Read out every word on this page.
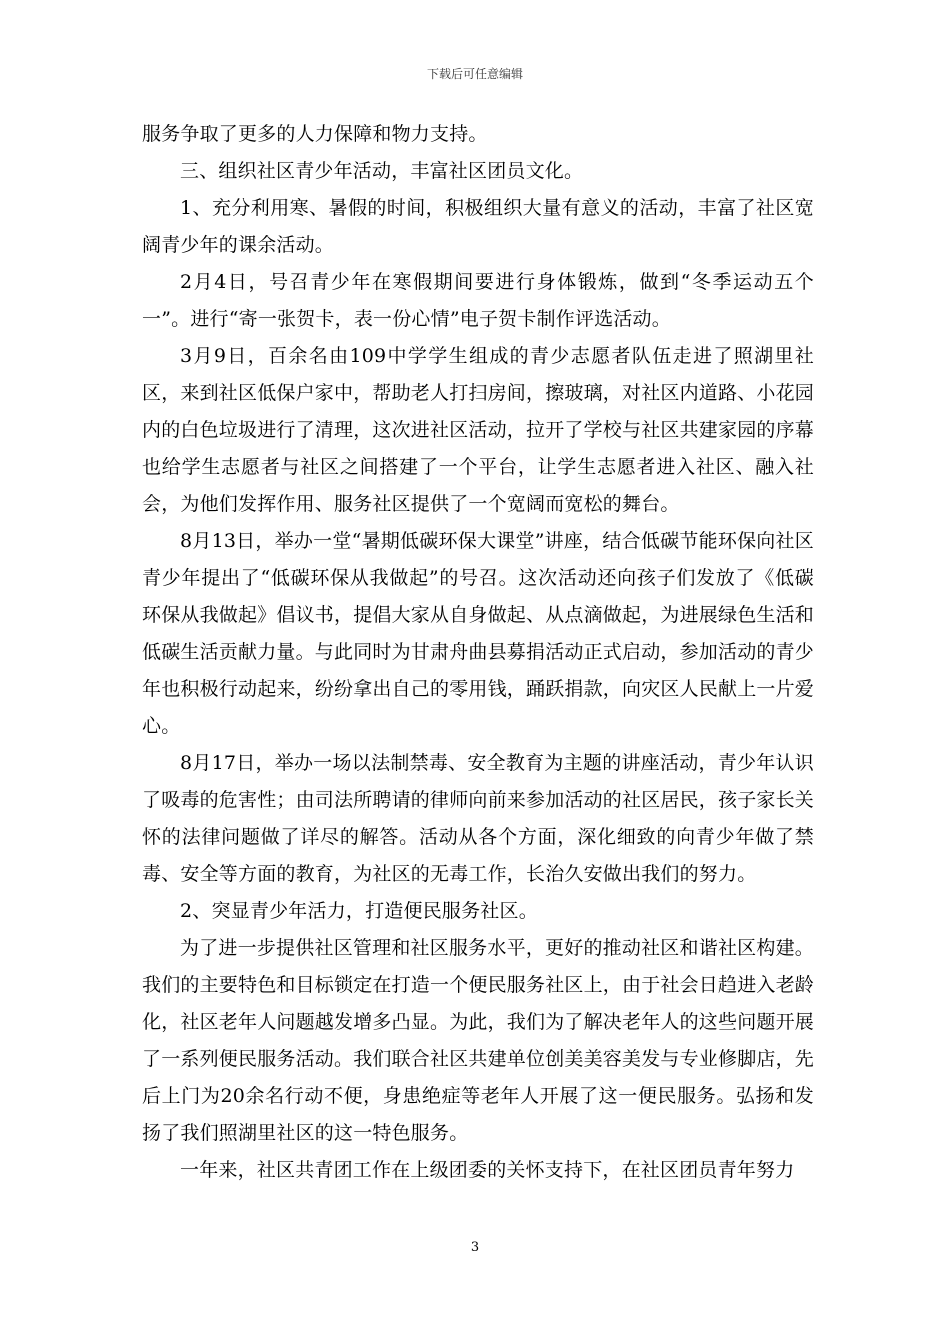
下载后可任意编辑

服务争取了更多的人力保障和物力支持。

三、组织社区青少年活动，丰富社区团员文化。

1、充分利用寒、暑假的时间，积极组织大量有意义的活动，丰富了社区宽阔青少年的课余活动。

2月4日，号召青少年在寒假期间要进行身体锻炼，做到“冬季运动五个一”。进行“寄一张贺卡，表一份心情”电子贺卡制作评选活动。

3月9日，百余名由109中学学生组成的青少志愿者队伍走进了照湖里社区，来到社区低保户家中，帮助老人打扫房间，擦玻璃，对社区内道路、小花园内的白色垃圾进行了清理，这次进社区活动，拉开了学校与社区共建家园的序幕也给学生志愿者与社区之间搭建了一个平台，让学生志愿者进入社区、融入社会，为他们发挥作用、服务社区提供了一个宽阔而宽松的舞台。

8月13日，举办一堂“暑期低碳环保大课堂”讲座，结合低碳节能环保向社区青少年提出了“低碳环保从我做起”的号召。这次活动还向孩子们发放了《低碳环保从我做起》倡议书，提倡大家从自身做起、从点滴做起，为进展绿色生活和低碳生活贡献力量。与此同时为甘肃舟曲县募捐活动正式启动，参加活动的青少年也积极行动起来，纷纷拿出自己的零用钱，踊跃捐款，向灾区人民献上一片爱心。

8月17日，举办一场以法制禁毒、安全教育为主题的讲座活动，青少年认识了吸毒的危害性；由司法所聘请的律师向前来参加活动的社区居民，孩子家长关怀的法律问题做了详尽的解答。活动从各个方面，深化细致的向青少年做了禁毒、安全等方面的教育，为社区的无毒工作，长治久安做出我们的努力。

2、突显青少年活力，打造便民服务社区。

为了进一步提供社区管理和社区服务水平，更好的推动社区和谐社区构建。我们的主要特色和目标锁定在打造一个便民服务社区上，由于社会日趋进入老龄化，社区老年人问题越发增多凸显。为此，我们为了解决老年人的这些问题开展了一系列便民服务活动。我们联合社区共建单位创美美容美发与专业修脚店，先后上门为20余名行动不便，身患绝症等老年人开展了这一便民服务。弘扬和发扬了我们照湖里社区的这一特色服务。

一年来，社区共青团工作在上级团委的关怀支持下，在社区团员青年努力

3
